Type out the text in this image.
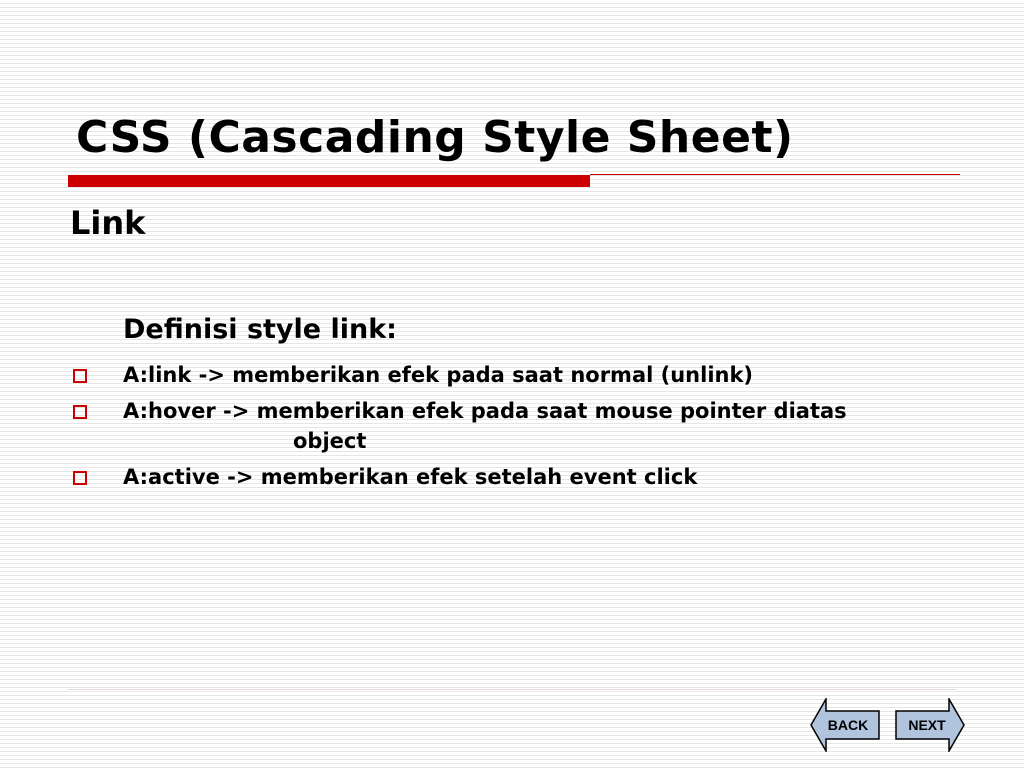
CSS (Cascading Style Sheet)
Link
Definisi style link:
A:link -> memberikan efek pada saat normal (unlink)
A:hover -> memberikan efek pada saat mouse pointer diatas
object
A:active -> memberikan efek setelah event click
BACK	NEXT
